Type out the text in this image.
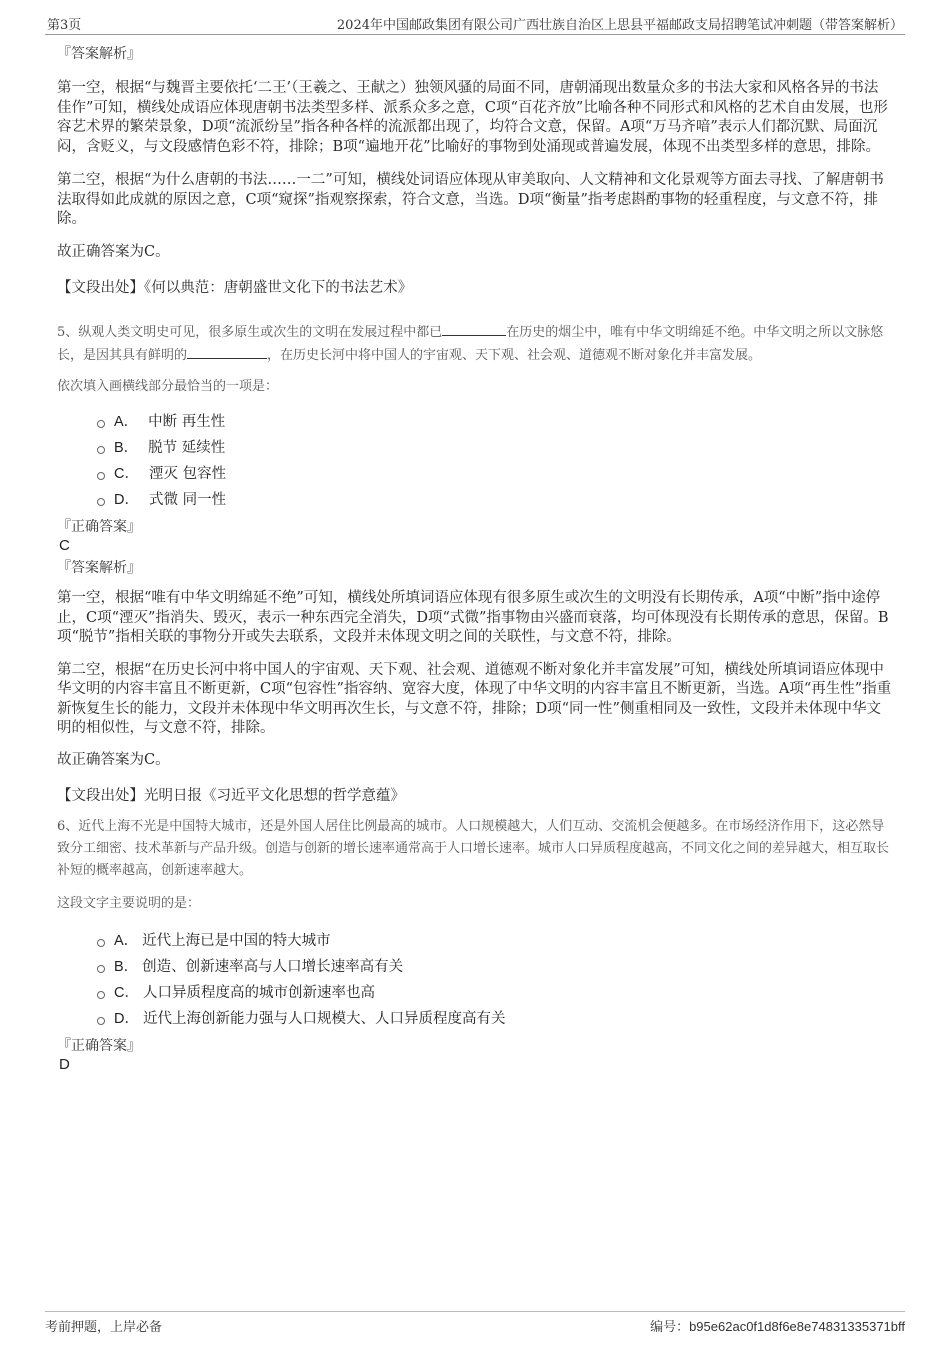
第3页	2024年中国邮政集团有限公司广西壮族自治区上思县平福邮政支局招聘笔试冲刺题（带答案解析）
『答案解析』

第一空，根据“与魏晋主要依托‘二王’（王羲之、王献之）独领风骚的局面不同，唐朝涌现出数量众多的书法大家和风格各异的书法佳作”可知，横线处成语应体现唐朝书法类型多样、派系众多之意，C项“百花齐放”比喻各种不同形式和风格的艺术自由发展，也形容艺术界的繁荣景象，D项“流派纷呈”指各种各样的流派都出现了，均符合文意，保留。A项“万马齐喑”表示人们都沉默、局面沉闷，含贬义，与文段感情色彩不符，排除；B项“遍地开花”比喻好的事物到处涌现或普遍发展，体现不出类型多样的意思，排除。

第二空，根据“为什么唐朝的书法……一二”可知，横线处词语应体现从审美取向、人文精神和文化景观等方面去寻找、了解唐朝书法取得如此成就的原因之意，C项“窥探”指观察探索，符合文意，当选。D项“衡量”指考虑斟酌事物的轻重程度，与文意不符，排除。

故正确答案为C。
【文段出处】《何以典范：唐朝盛世文化下的书法艺术》
5、纵观人类文明史可见，很多原生或次生的文明在发展过程中都已	在历史的烟尘中，唯有中华文明绵延不绝。中华文明之所以文脉悠长，是因其具有鲜明的	，在历史长河中将中国人的宇宙观、天下观、社会观、道德观不断对象化并丰富发展。
依次填入画横线部分最恰当的一项是：
A． 中断 再生性
B． 脱节 延续性
C． 湮灭 包容性
D． 式微 同一性
『正确答案』
C
『答案解析』

第一空，根据“唯有中华文明绵延不绝”可知，横线处所填词语应体现有很多原生或次生的文明没有长期传承，A项“中断”指中途停止，C项“湮灭”指消失、毁灭，表示一种东西完全消失，D项“式微”指事物由兴盛而衰落，均可体现没有长期传承的意思，保留。B项“脱节”指相关联的事物分开或失去联系，文段并未体现文明之间的关联性，与文意不符，排除。

第二空，根据“在历史长河中将中国人的宇宙观、天下观、社会观、道德观不断对象化并丰富发展”可知，横线处所填词语应体现中华文明的内容丰富且不断更新，C项“包容性”指容纳、宽容大度，体现了中华文明的内容丰富且不断更新，当选。A项“再生性”指重新恢复生长的能力，文段并未体现中华文明再次生长，与文意不符，排除；D项“同一性”侧重相同及一致性，文段并未体现中华文明的相似性，与文意不符，排除。

故正确答案为C。
【文段出处】光明日报《习近平文化思想的哲学意蕴》
6、近代上海不光是中国特大城市，还是外国人居住比例最高的城市。人口规模越大，人们互动、交流机会便越多。在市场经济作用下，这必然导致分工细密、技术革新与产品升级。创造与创新的增长速率通常高于人口增长速率。城市人口异质程度越高，不同文化之间的差异越大，相互取长补短的概率越高，创新速率越大。
这段文字主要说明的是：
A． 近代上海已是中国的特大城市
B． 创造、创新速率高与人口增长速率高有关
C． 人口异质程度高的城市创新速率也高
D． 近代上海创新能力强与人口规模大、人口异质程度高有关
『正确答案』
D
考前押题，上岸必备	编号：b95e62ac0f1d8f6e8e74831335371bff
